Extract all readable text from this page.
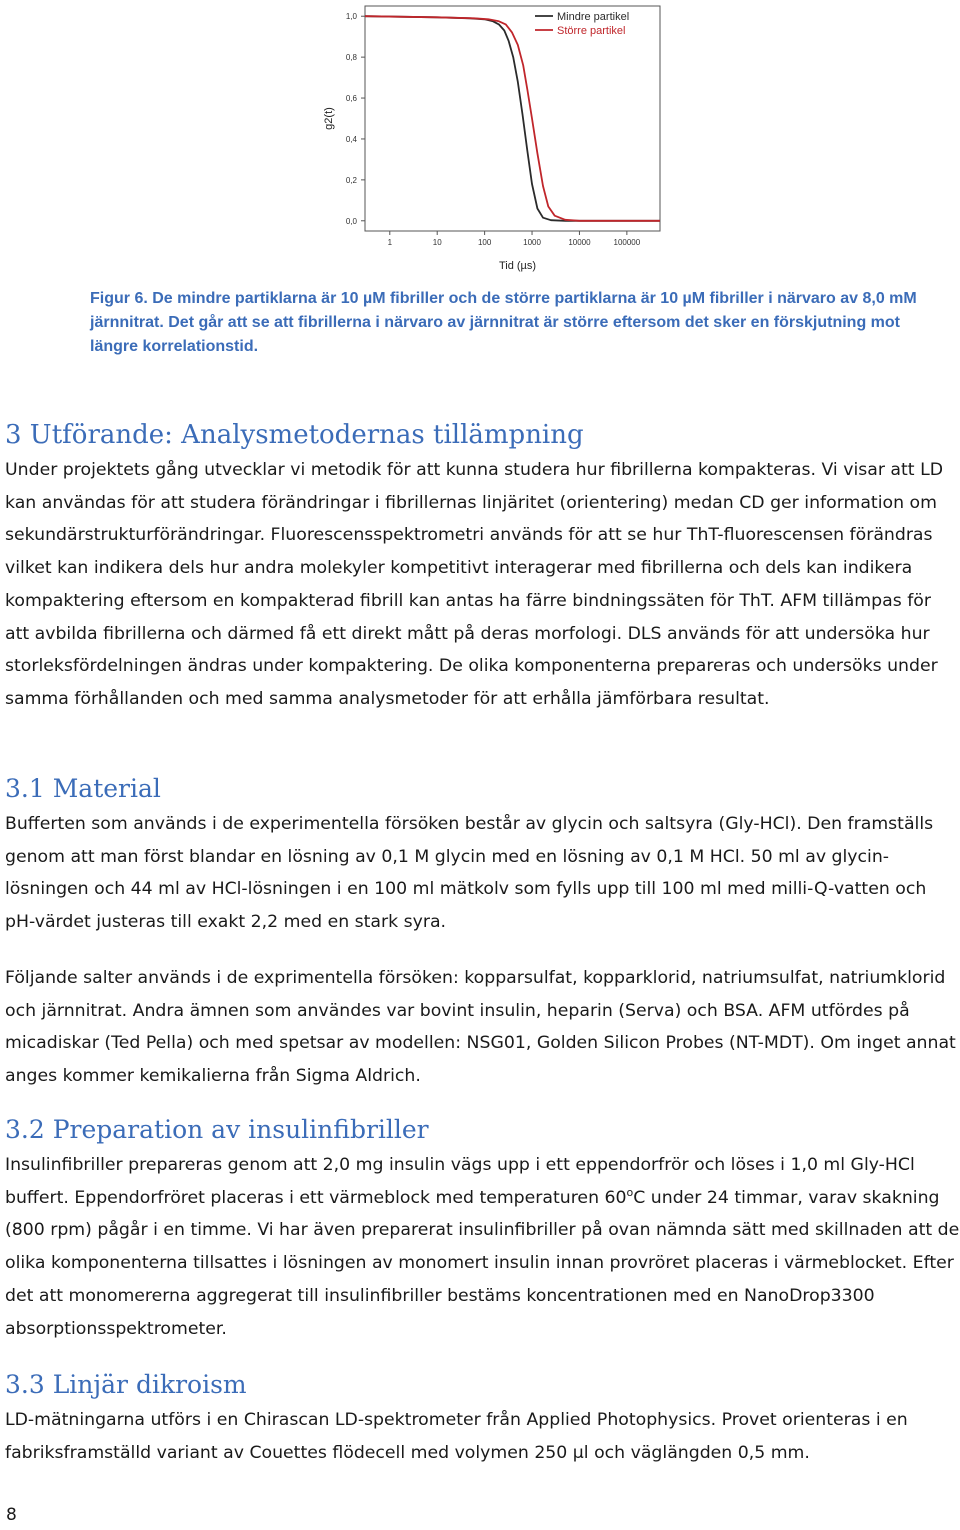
0,0
0,2
0,4
0,6
0,8
1,0
1	10	100	1000	10000	100000
Tid (µs)
g2(t)
Mindre partikel
Större partikel
Figur 6. De mindre partiklarna är 10 µM fibriller och de större partiklarna är 10 µM fibriller i närvaro av 8,0 mM järnnitrat. Det går att se att fibrillerna i närvaro av järnnitrat är större eftersom det sker en förskjutning mot längre korrelationstid.
3 Utförande: Analysmetodernas tillämpning

Under projektets gång utvecklar vi metodik för att kunna studera hur fibrillerna kompakteras. Vi visar att LD kan användas för att studera förändringar i fibrillernas linjäritet (orientering) medan CD ger information om sekundärstrukturförändringar. Fluorescensspektrometri används för att se hur ThT-fluorescensen förändras vilket kan indikera dels hur andra molekyler kompetitivt interagerar med fibrillerna och dels kan indikera kompaktering eftersom en kompakterad fibrill kan antas ha färre bindningssäten för ThT. AFM tillämpas för att avbilda fibrillerna och därmed få ett direkt mått på deras morfologi. DLS används för att undersöka hur storleksfördelningen ändras under kompaktering. De olika komponenterna prepareras och undersöks under samma förhållanden och med samma analysmetoder för att erhålla jämförbara resultat.

3.1 Material

Bufferten som används i de experimentella försöken består av glycin och saltsyra (Gly-HCl). Den framställs genom att man först blandar en lösning av 0,1 M glycin med en lösning av 0,1 M HCl. 50 ml av glycin-lösningen och 44 ml av HCl-lösningen i en 100 ml mätkolv som fylls upp till 100 ml med milli-Q-vatten och pH-värdet justeras till exakt 2,2 med en stark syra.

Följande salter används i de exprimentella försöken: kopparsulfat, kopparklorid, natriumsulfat, natriumklorid och järnnitrat. Andra ämnen som användes var bovint insulin, heparin (Serva) och BSA. AFM utfördes på micadiskar (Ted Pella) och med spetsar av modellen: NSG01, Golden Silicon Probes (NT-MDT). Om inget annat anges kommer kemikalierna från Sigma Aldrich.

3.2 Preparation av insulinfibriller

Insulinfibriller prepareras genom att 2,0 mg insulin vägs upp i ett eppendorfrör och löses i 1,0 ml Gly-HCl buffert. Eppendorfröret placeras i ett värmeblock med temperaturen 60$^o$C under 24 timmar, varav skakning (800 rpm) pågår i en timme. Vi har även preparerat insulinfibriller på ovan nämnda sätt med skillnaden att de olika komponenterna tillsattes i lösningen av monomert insulin innan provröret placeras i värmeblocket. Efter det att monomererna aggregerat till insulinfibriller bestäms koncentrationen med en NanoDrop3300 absorptionsspektrometer.

3.3 Linjär dikroism

LD-mätningarna utförs i en Chirascan LD-spektrometer från Applied Photophysics. Provet orienteras i en fabriksframställd variant av Couettes flödecell med volymen 250 µl och väglängden 0,5 mm.

8
